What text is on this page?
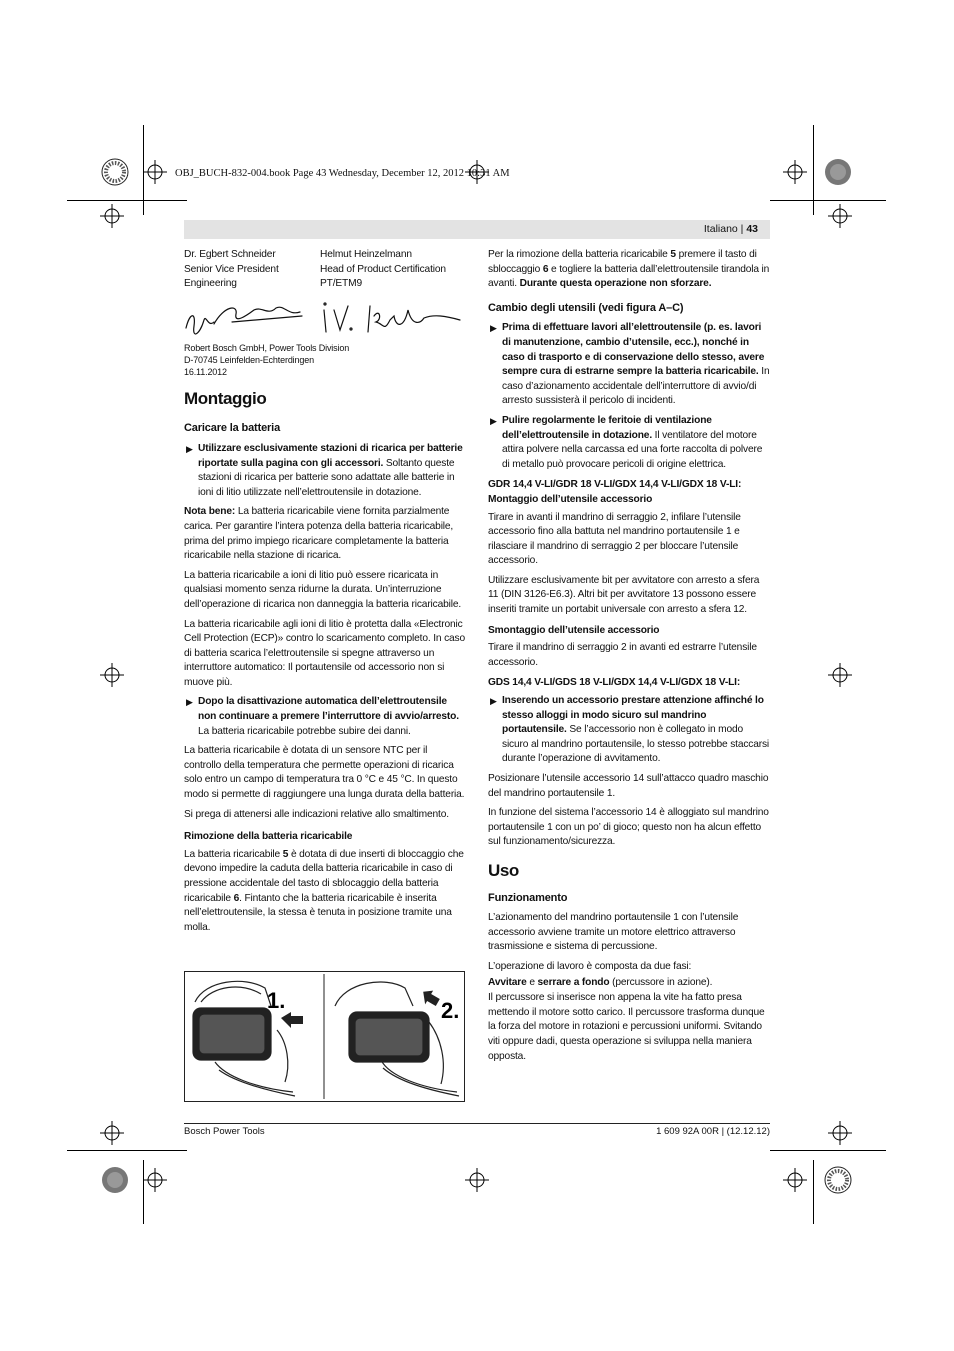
OBJ_BUCH-832-004.book Page 43 Wednesday, December 12, 2012 10:31 AM
Italiano | 43
Dr. Egbert Schneider
Senior Vice President
Engineering
Helmut Heinzelmann
Head of Product Certification
PT/ETM9
Robert Bosch GmbH, Power Tools Division
D-70745 Leinfelden-Echterdingen
16.11.2012
Montaggio
Caricare la batteria
▶ Utilizzare esclusivamente stazioni di ricarica per batterie riportate sulla pagina con gli accessori. Soltanto queste stazioni di ricarica per batterie sono adattate alle batterie in ioni di litio utilizzate nell’elettroutensile in dotazione.

Nota bene: La batteria ricaricabile viene fornita parzialmente carica. Per garantire l’intera potenza della batteria ricaricabile, prima del primo impiego ricaricare completamente la batteria ricaricabile nella stazione di ricarica.

La batteria ricaricabile a ioni di litio può essere ricaricata in qualsiasi momento senza ridurne la durata. Un’interruzione dell’operazione di ricarica non danneggia la batteria ricaricabile.

La batteria ricaricabile agli ioni di litio è protetta dalla «Electronic Cell Protection (ECP)» contro lo scaricamento completo. In caso di batteria scarica l’elettroutensile si spegne attraverso un interruttore automatico: Il portautensile od accessorio non si muove più.

▶ Dopo la disattivazione automatica dell’elettroutensile non continuare a premere l’interruttore di avvio/arresto. La batteria ricaricabile potrebbe subire dei danni.

La batteria ricaricabile è dotata di un sensore NTC per il controllo della temperatura che permette operazioni di ricarica solo entro un campo di temperatura tra 0 °C e 45 °C. In questo modo si permette di raggiungere una lunga durata della batteria.

Si prega di attenersi alle indicazioni relative allo smaltimento.

Rimozione della batteria ricaricabile

La batteria ricaricabile 5 è dotata di due inserti di bloccaggio che devono impedire la caduta della batteria ricaricabile in caso di pressione accidentale del tasto di sblocaggio della batteria ricaricabile 6. Fintanto che la batteria ricaricabile è inserita nell’elettroutensile, la stessa è tenuta in posizione tramite una molla.

1.	2.

Per la rimozione della batteria ricaricabile 5 premere il tasto di sbloccaggio 6 e togliere la batteria dall’elettroutensile tirandola in avanti. Durante questa operazione non sforzare.

Cambio degli utensili (vedi figura A–C)
▶ Prima di effettuare lavori all’elettroutensile (p. es. lavori di manutenzione, cambio d’utensile, ecc.), nonché in caso di trasporto e di conservazione dello stesso, avere sempre cura di estrarne sempre la batteria ricaricabile. In caso d’azionamento accidentale dell’interruttore di avvio/di arresto sussisterà il pericolo di incidenti.
▶ Pulire regolarmente le feritoie di ventilazione dell’elettroutensile in dotazione. Il ventilatore del motore attira polvere nella carcassa ed una forte raccolta di polvere di metallo può provocare pericoli di origine elettrica.
GDR 14,4 V-LI/GDR 18 V-LI/GDX 14,4 V-LI/GDX 18 V-LI: Montaggio dell’utensile accessorio

Tirare in avanti il mandrino di serraggio 2, infilare l’utensile accessorio fino alla battuta nel mandrino portautensile 1 e rilasciare il mandrino di serraggio 2 per bloccare l’utensile accessorio.

Utilizzare esclusivamente bit per avvitatore con arresto a sfera 11 (DIN 3126-E6.3). Altri bit per avvitatore 13 possono essere inseriti tramite un portabit universale con arresto a sfera 12.

Smontaggio dell’utensile accessorio

Tirare il mandrino di serraggio 2 in avanti ed estrarre l’utensile accessorio.

GDS 14,4 V-LI/GDS 18 V-LI/GDX 14,4 V-LI/GDX 18 V-LI:
▶ Inserendo un accessorio prestare attenzione affinché lo stesso alloggi in modo sicuro sul mandrino portautensile. Se l’accessorio non è collegato in modo sicuro al mandrino portautensile, lo stesso potrebbe staccarsi durante l’operazione di avvitamento.

Posizionare l’utensile accessorio 14 sull’attacco quadro maschio del mandrino portautensile 1.

In funzione del sistema l’accessorio 14 è alloggiato sul mandrino portautensile 1 con un po’ di gioco; questo non ha alcun effetto sul funzionamento/sicurezza.

Uso
Funzionamento

L’azionamento del mandrino portautensile 1 con l’utensile accessorio avviene tramite un motore elettrico attraverso trasmissione e sistema di percussione.

L’operazione di lavoro è composta da due fasi:

Avvitare e serrare a fondo (percussore in azione).

Il percussore si inserisce non appena la vite ha fatto presa mettendo il motore sotto carico. Il percussore trasforma dunque la forza del motore in rotazioni e percussioni uniformi. Svitando viti oppure dadi, questa operazione si sviluppa nella maniera opposta.

Bosch Power Tools	1 609 92A 00R | (12.12.12)
